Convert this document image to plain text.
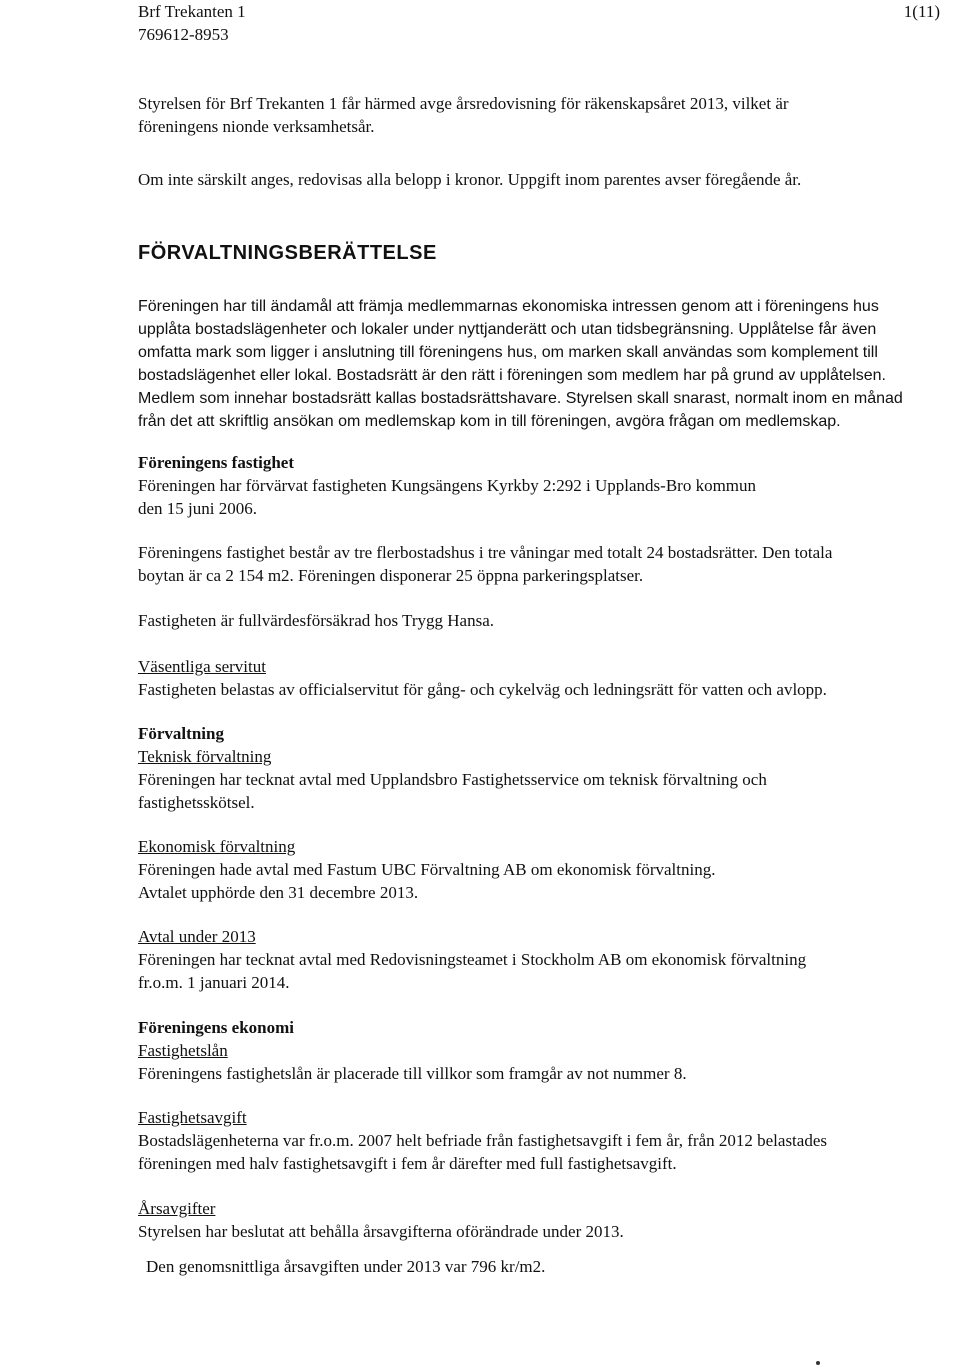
Brf Trekanten 1
769612-8953
1(11)
Styrelsen för Brf Trekanten 1 får härmed avge årsredovisning för räkenskapsåret 2013, vilket är
föreningens nionde verksamhetsår.
Om inte särskilt anges, redovisas alla belopp i kronor. Uppgift inom parentes avser föregående år.
FÖRVALTNINGSBERÄTTELSE
Föreningen har till ändamål att främja medlemmarnas ekonomiska intressen genom att i föreningens hus
upplåta bostadslägenheter och lokaler under nyttjanderätt och utan tidsbegränsning. Upplåtelse får även
omfatta mark som ligger i anslutning till föreningens hus, om marken skall användas som komplement till
bostadslägenhet eller lokal. Bostadsrätt är den rätt i föreningen som medlem har på grund av upplåtelsen.
Medlem som innehar bostadsrätt kallas bostadsrättshavare. Styrelsen skall snarast, normalt inom en månad
från det att skriftlig ansökan om medlemskap kom in till föreningen, avgöra frågan om medlemskap.
Föreningens fastighet
Föreningen har förvärvat fastigheten Kungsängens Kyrkby 2:292 i Upplands-Bro kommun
den 15 juni 2006.
Föreningens fastighet består av tre flerbostadshus i tre våningar med totalt 24 bostadsrätter. Den totala
boytan är ca 2 154 m2. Föreningen disponerar 25 öppna parkeringsplatser.
Fastigheten är fullvärdesförsäkrad hos Trygg Hansa.
Väsentliga servitut
Fastigheten belastas av officialservitut för gång- och cykelväg och ledningsrätt för vatten och avlopp.
Förvaltning
Teknisk förvaltning
Föreningen har tecknat avtal med Upplandsbro Fastighetsservice om teknisk förvaltning och
fastighetsskötsel.
Ekonomisk förvaltning
Föreningen hade avtal med Fastum UBC Förvaltning AB om ekonomisk förvaltning.
Avtalet upphörde den 31 decembre 2013.
Avtal under 2013
Föreningen har tecknat avtal med Redovisningsteamet i Stockholm AB om ekonomisk förvaltning
fr.o.m. 1 januari 2014.
Föreningens ekonomi
Fastighetslån
Föreningens fastighetslån är placerade till villkor som framgår av not nummer 8.
Fastighetsavgift
Bostadslägenheterna var fr.o.m. 2007 helt befriade från fastighetsavgift i fem år, från 2012 belastades
föreningen med halv fastighetsavgift i fem år därefter med full fastighetsavgift.
Årsavgifter
Styrelsen har beslutat att behålla årsavgifterna oförändrade under 2013.
Den genomsnittliga årsavgiften under 2013 var 796 kr/m2.
